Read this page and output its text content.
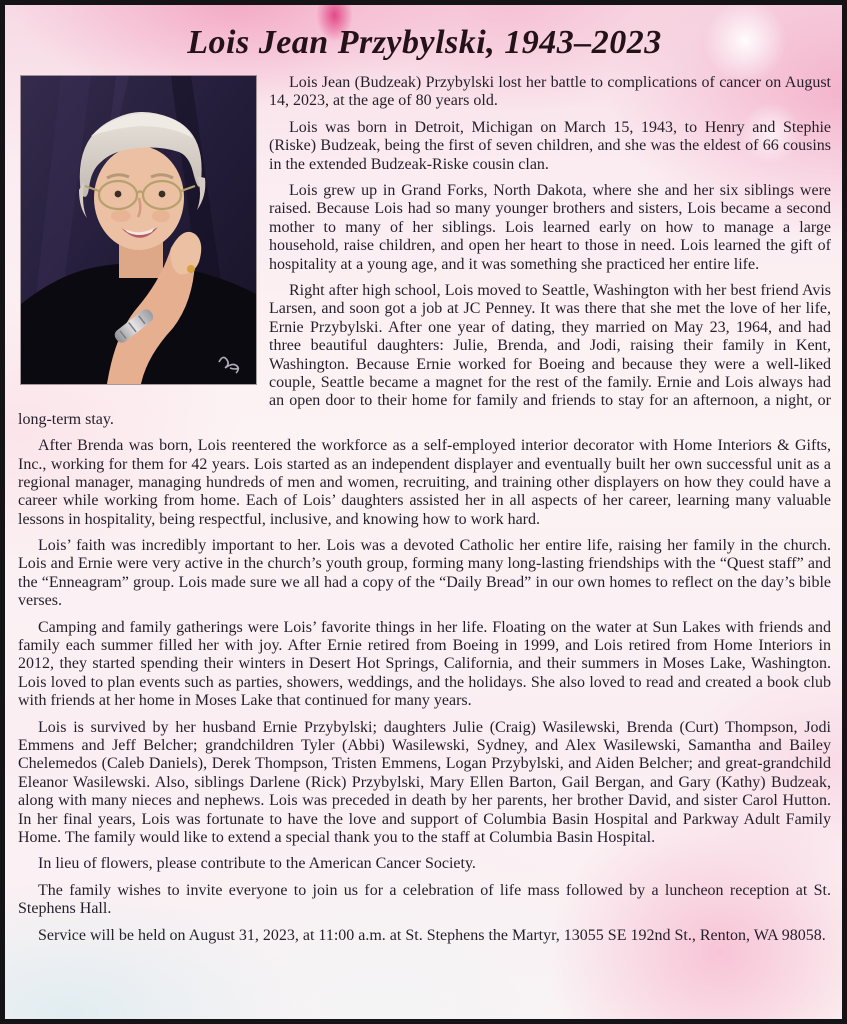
Lois Jean Przybylski, 1943–2023

Lois Jean (Budzeak) Przybylski lost her battle to complications of cancer on August 14, 2023, at the age of 80 years old.

Lois was born in Detroit, Michigan on March 15, 1943, to Henry and Stephie (Riske) Budzeak, being the first of seven children, and she was the eldest of 66 cousins in the extended Budzeak-Riske cousin clan.

Lois grew up in Grand Forks, North Dakota, where she and her six siblings were raised. Because Lois had so many younger brothers and sisters, Lois became a second mother to many of her siblings. Lois learned early on how to manage a large household, raise children, and open her heart to those in need. Lois learned the gift of hospitality at a young age, and it was something she practiced her entire life.

Right after high school, Lois moved to Seattle, Washington with her best friend Avis Larsen, and soon got a job at JC Penney. It was there that she met the love of her life, Ernie Przybylski. After one year of dating, they married on May 23, 1964, and had three beautiful daughters: Julie, Brenda, and Jodi, raising their family in Kent, Washington. Because Ernie worked for Boeing and because they were a well-liked couple, Seattle became a magnet for the rest of the family. Ernie and Lois always had an open door to their home for family and friends to stay for an afternoon, a night, or long-term stay.

After Brenda was born, Lois reentered the workforce as a self-employed interior decorator with Home Interiors & Gifts, Inc., working for them for 42 years. Lois started as an independent displayer and eventually built her own successful unit as a regional manager, managing hundreds of men and women, recruiting, and training other displayers on how they could have a career while working from home. Each of Lois’ daughters assisted her in all aspects of her career, learning many valuable lessons in hospitality, being respectful, inclusive, and knowing how to work hard.

Lois’ faith was incredibly important to her. Lois was a devoted Catholic her entire life, raising her family in the church. Lois and Ernie were very active in the church’s youth group, forming many long-lasting friendships with the “Quest staff” and the “Enneagram” group. Lois made sure we all had a copy of the “Daily Bread” in our own homes to reflect on the day’s bible verses.

Camping and family gatherings were Lois’ favorite things in her life. Floating on the water at Sun Lakes with friends and family each summer filled her with joy. After Ernie retired from Boeing in 1999, and Lois retired from Home Interiors in 2012, they started spending their winters in Desert Hot Springs, California, and their summers in Moses Lake, Washington. Lois loved to plan events such as parties, showers, weddings, and the holidays. She also loved to read and created a book club with friends at her home in Moses Lake that continued for many years.

Lois is survived by her husband Ernie Przybylski; daughters Julie (Craig) Wasilewski, Brenda (Curt) Thompson, Jodi Emmens and Jeff Belcher; grandchildren Tyler (Abbi) Wasilewski, Sydney, and Alex Wasilewski, Samantha and Bailey Chelemedos (Caleb Daniels), Derek Thompson, Tristen Emmens, Logan Przybylski, and Aiden Belcher; and great-grandchild Eleanor Wasilewski. Also, siblings Darlene (Rick) Przybylski, Mary Ellen Barton, Gail Bergan, and Gary (Kathy) Budzeak, along with many nieces and nephews. Lois was preceded in death by her parents, her brother David, and sister Carol Hutton. In her final years, Lois was fortunate to have the love and support of Columbia Basin Hospital and Parkway Adult Family Home. The family would like to extend a special thank you to the staff at Columbia Basin Hospital.

In lieu of flowers, please contribute to the American Cancer Society.

The family wishes to invite everyone to join us for a celebration of life mass followed by a luncheon reception at St. Stephens Hall.

Service will be held on August 31, 2023, at 11:00 a.m. at St. Stephens the Martyr, 13055 SE 192nd St., Renton, WA 98058.
